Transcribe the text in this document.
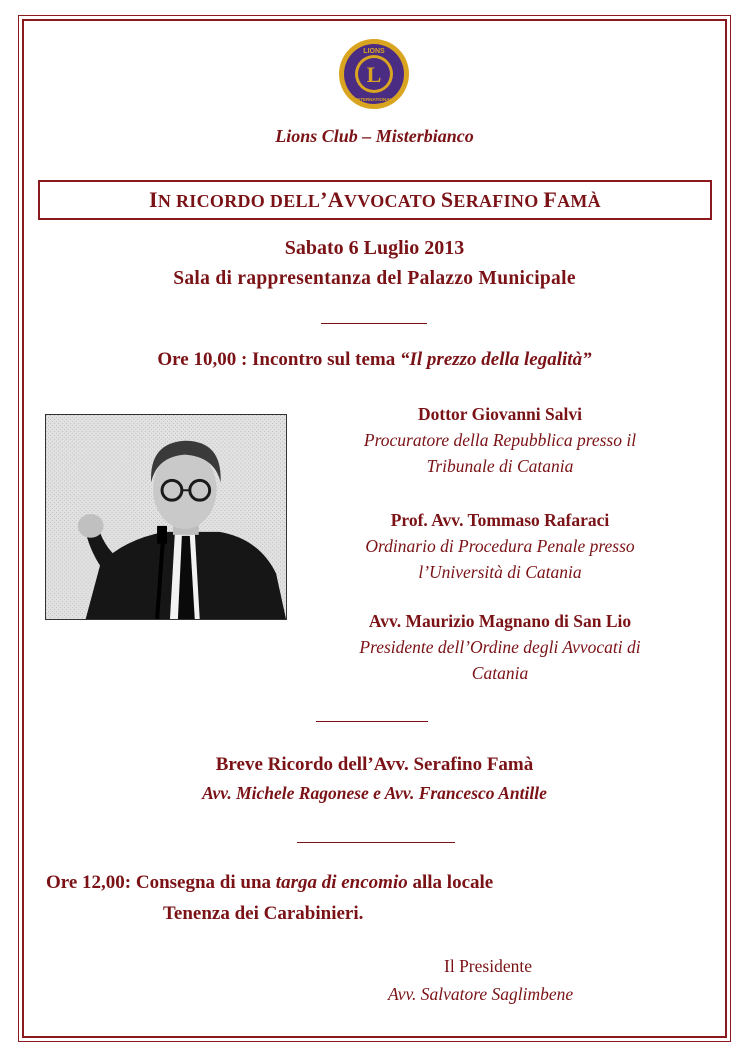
L
LIONS
INTERNATIONAL
Lions Club – Misterbianco
IN RICORDO DELL’AVVOCATO SERAFINO FAMÀ
Sabato 6 Luglio 2013
Sala di rappresentanza del Palazzo Municipale
Ore 10,00 : Incontro sul tema “Il prezzo della legalità”
Dottor Giovanni Salvi
Procuratore della Repubblica presso il
Tribunale di Catania
Prof. Avv. Tommaso Rafaraci
Ordinario di Procedura Penale presso
l’Università di Catania
Avv. Maurizio Magnano di San Lio
Presidente dell’Ordine degli Avvocati di
Catania
Breve Ricordo dell’Avv. Serafino Famà
Avv. Michele Ragonese e Avv. Francesco Antille
Ore 12,00: Consegna di una targa di encomio alla locale
Tenenza dei Carabinieri.
Il Presidente
Avv. Salvatore Saglimbene
